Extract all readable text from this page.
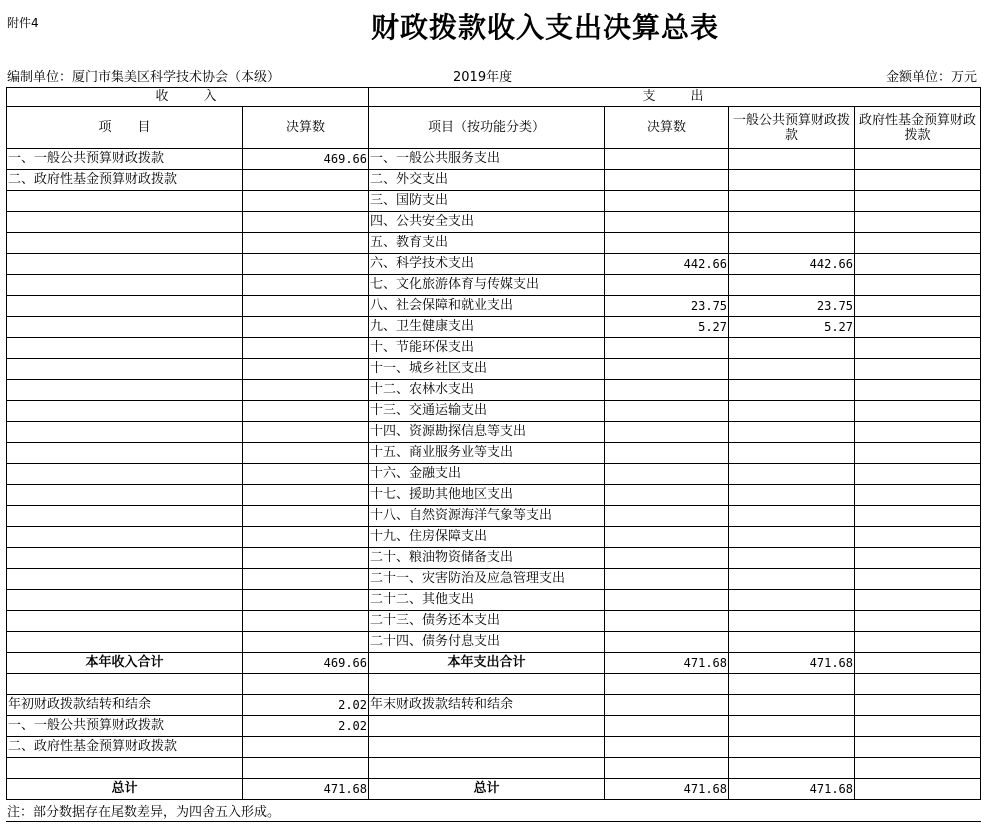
附件4	财政拨款收入支出决算总表
编制单位：厦门市集美区科学技术协会（本级）	2019年度	金额单位：万元
收　　入		支　　出			
项　　目	决算数	项目（按功能分类）	决算数	一般公共预算财政拨款	政府性基金预算财政拨款
一、一般公共预算财政拨款	469.66	一、一般公共服务支出			
二、政府性基金预算财政拨款		二、外交支出			
		三、国防支出			
		四、公共安全支出			
		五、教育支出			
		六、科学技术支出	442.66	442.66	
		七、文化旅游体育与传媒支出			
		八、社会保障和就业支出	23.75	23.75	
		九、卫生健康支出	5.27	5.27	
		十、节能环保支出			
		十一、城乡社区支出			
		十二、农林水支出			
		十三、交通运输支出			
		十四、资源勘探信息等支出			
		十五、商业服务业等支出			
		十六、金融支出			
		十七、援助其他地区支出			
		十八、自然资源海洋气象等支出			
		十九、住房保障支出			
		二十、粮油物资储备支出			
		二十一、灾害防治及应急管理支出			
		二十二、其他支出			
		二十三、债务还本支出			
		二十四、债务付息支出			
本年收入合计	469.66	本年支出合计	471.68	471.68	

年初财政拨款结转和结余	2.02	年末财政拨款结转和结余			
一、一般公共预算财政拨款	2.02				
二、政府性基金预算财政拨款					

总计	471.68	总计	471.68	471.68	
注：部分数据存在尾数差异，为四舍五入形成。
